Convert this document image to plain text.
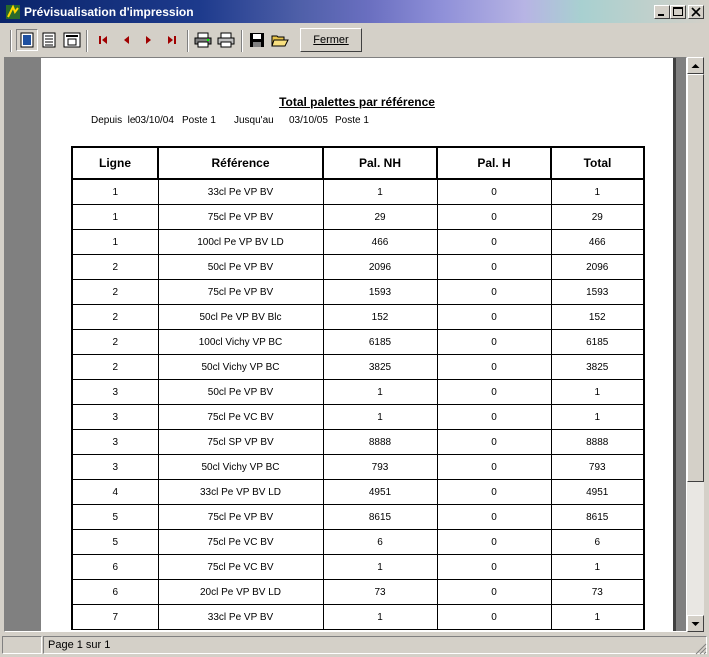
Prévisualisation d'impression
Fermer
Total palettes par référence
Depuis  le 03/10/04 Poste 1 Jusqu'au 03/10/05 Poste 1
Ligne	Référence	Pal. NH	Pal. H	Total
1	33cl Pe VP BV	1	0	1
1	75cl Pe VP BV	29	0	29
1	100cl Pe VP BV LD	466	0	466
2	50cl Pe VP BV	2096	0	2096
2	75cl Pe VP BV	1593	0	1593
2	50cl Pe VP BV Blc	152	0	152
2	100cl Vichy VP BC	6185	0	6185
2	50cl Vichy VP BC	3825	0	3825
3	50cl Pe VP BV	1	0	1
3	75cl Pe VC BV	1	0	1
3	75cl SP VP BV	8888	0	8888
3	50cl Vichy VP BC	793	0	793
4	33cl Pe VP BV LD	4951	0	4951
5	75cl Pe VP BV	8615	0	8615
5	75cl Pe VC BV	6	0	6
6	75cl Pe VC BV	1	0	1
6	20cl Pe VP BV LD	73	0	73
7	33cl Pe VP BV	1	0	1
Page 1 sur 1
